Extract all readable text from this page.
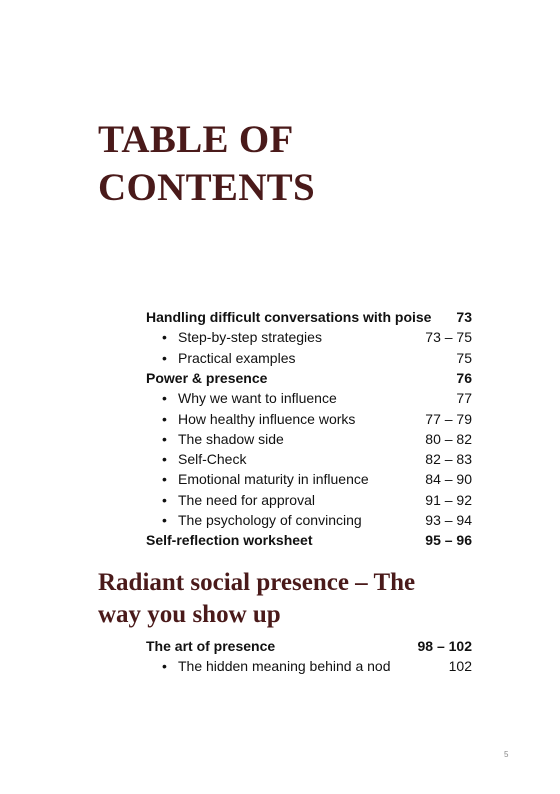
TABLE OF
CONTENTS
Handling difficult conversations with poise 73
• Step-by-step strategies	73 – 75
• Practical examples	75
Power & presence	76
• Why we want to influence	77
• How healthy influence works	77 – 79
• The shadow side	80 – 82
• Self-Check	82 – 83
• Emotional maturity in influence	84 – 90
• The need for approval	91 – 92
• The psychology of convincing	93 – 94
Self-reflection worksheet	95 – 96
Radiant social presence – The
way you show up
The art of presence	98 – 102
• The hidden meaning behind a nod	102
5
